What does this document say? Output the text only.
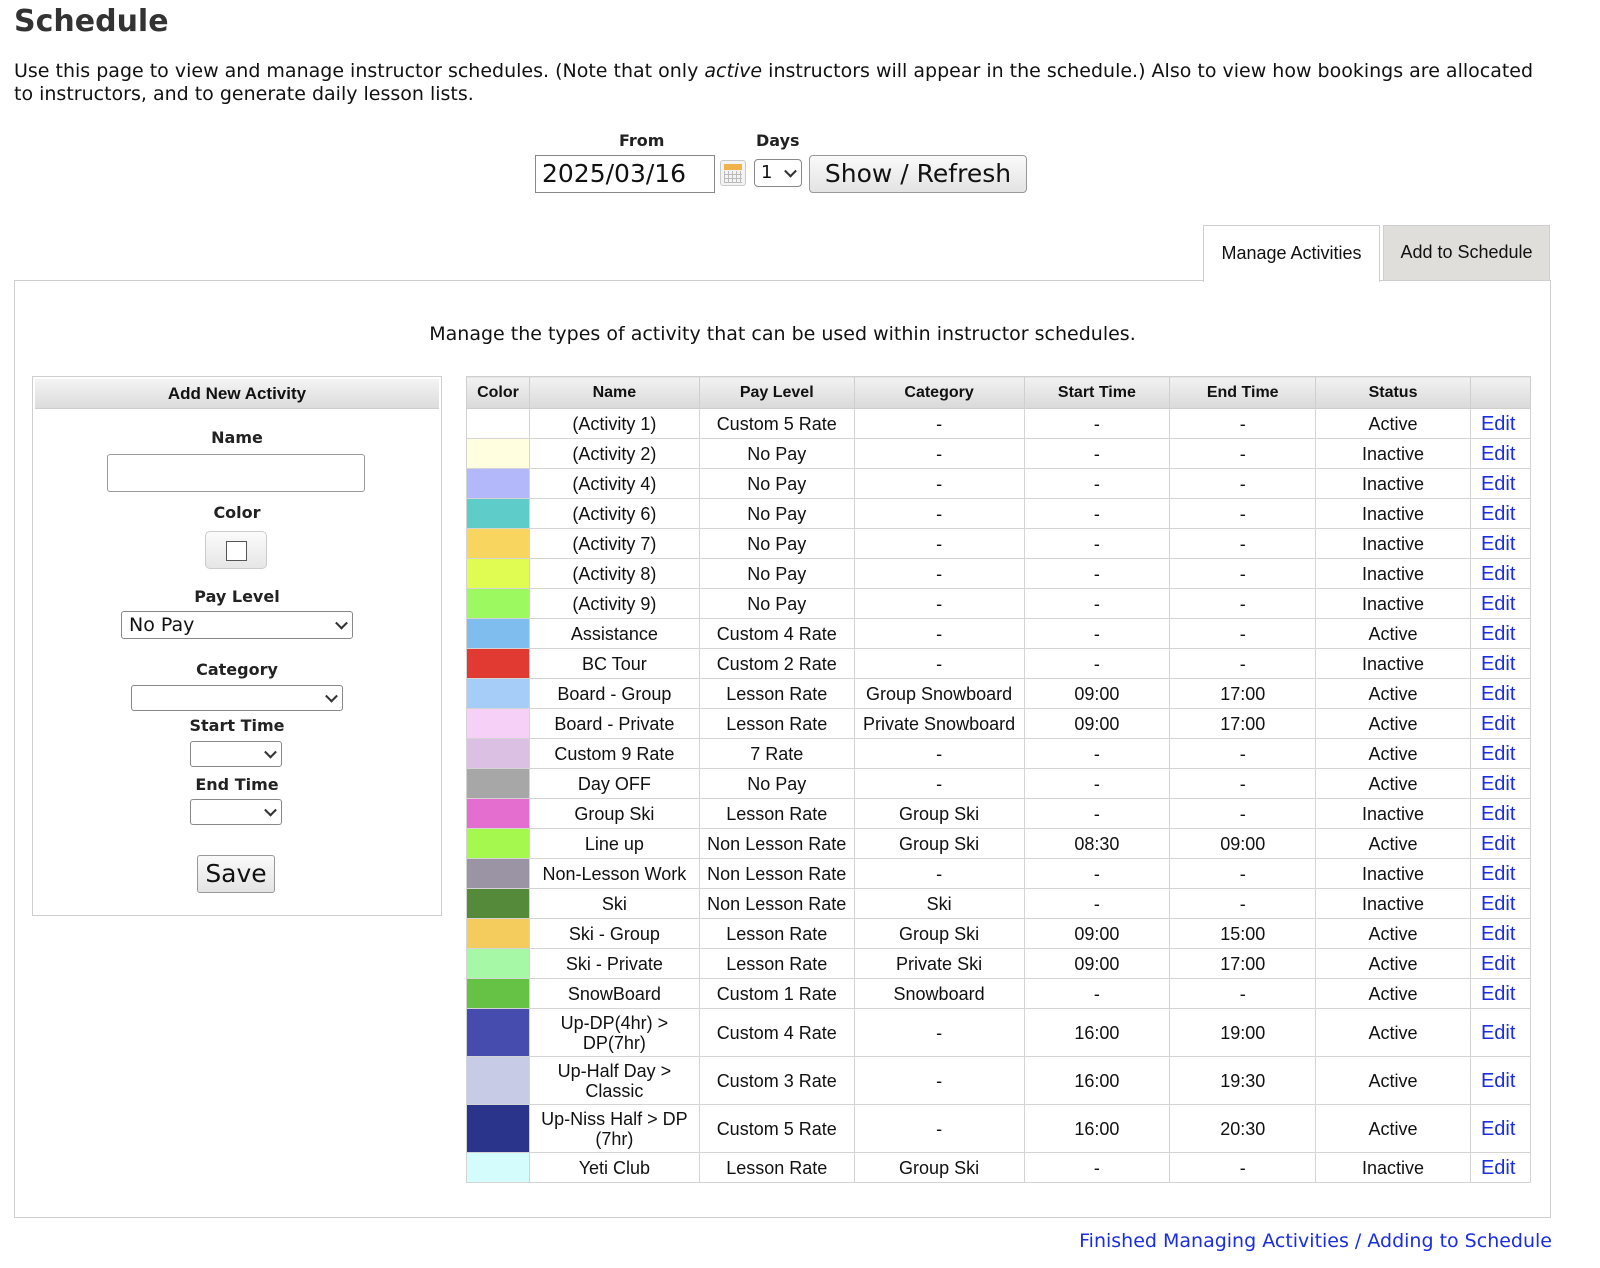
Schedule
Use this page to view and manage instructor schedules. (Note that only active instructors will appear in the schedule.) Also to view how bookings are allocated to instructors, and to generate daily lesson lists.
From	Days
2025/03/16	1	Show / Refresh
Manage Activities	Add to Schedule
Manage the types of activity that can be used within instructor schedules.
Add New Activity
Name
Color
Pay Level
No Pay
Category
Start Time
End Time
Save
Color	Name	Pay Level	Category	Start Time	End Time	Status	

	(Activity 1)	Custom 5 Rate	-	-	-	Active	Edit

	(Activity 2)	No Pay	-	-	-	Inactive	Edit

	(Activity 4)	No Pay	-	-	-	Inactive	Edit

	(Activity 6)	No Pay	-	-	-	Inactive	Edit

	(Activity 7)	No Pay	-	-	-	Inactive	Edit

	(Activity 8)	No Pay	-	-	-	Inactive	Edit

	(Activity 9)	No Pay	-	-	-	Inactive	Edit

	Assistance	Custom 4 Rate	-	-	-	Active	Edit

	BC Tour	Custom 2 Rate	-	-	-	Inactive	Edit

	Board - Group	Lesson Rate	Group Snowboard	09:00	17:00	Active	Edit

	Board - Private	Lesson Rate	Private Snowboard	09:00	17:00	Active	Edit

	Custom 9 Rate	7 Rate	-	-	-	Active	Edit

	Day OFF	No Pay	-	-	-	Active	Edit

	Group Ski	Lesson Rate	Group Ski	-	-	Inactive	Edit

	Line up	Non Lesson Rate	Group Ski	08:30	09:00	Active	Edit

	Non-Lesson Work	Non Lesson Rate	-	-	-	Inactive	Edit

	Ski	Non Lesson Rate	Ski	-	-	Inactive	Edit

	Ski - Group	Lesson Rate	Group Ski	09:00	15:00	Active	Edit

	Ski - Private	Lesson Rate	Private Ski	09:00	17:00	Active	Edit

	SnowBoard	Custom 1 Rate	Snowboard	-	-	Active	Edit

	Up-DP(4hr) > DP(7hr)	Custom 4 Rate	-	16:00	19:00	Active	Edit

	Up-Half Day > Classic	Custom 3 Rate	-	16:00	19:30	Active	Edit

	Up-Niss Half > DP (7hr)	Custom 5 Rate	-	16:00	20:30	Active	Edit

	Yeti Club	Lesson Rate	Group Ski	-	-	Inactive	Edit
Finished Managing Activities / Adding to Schedule
